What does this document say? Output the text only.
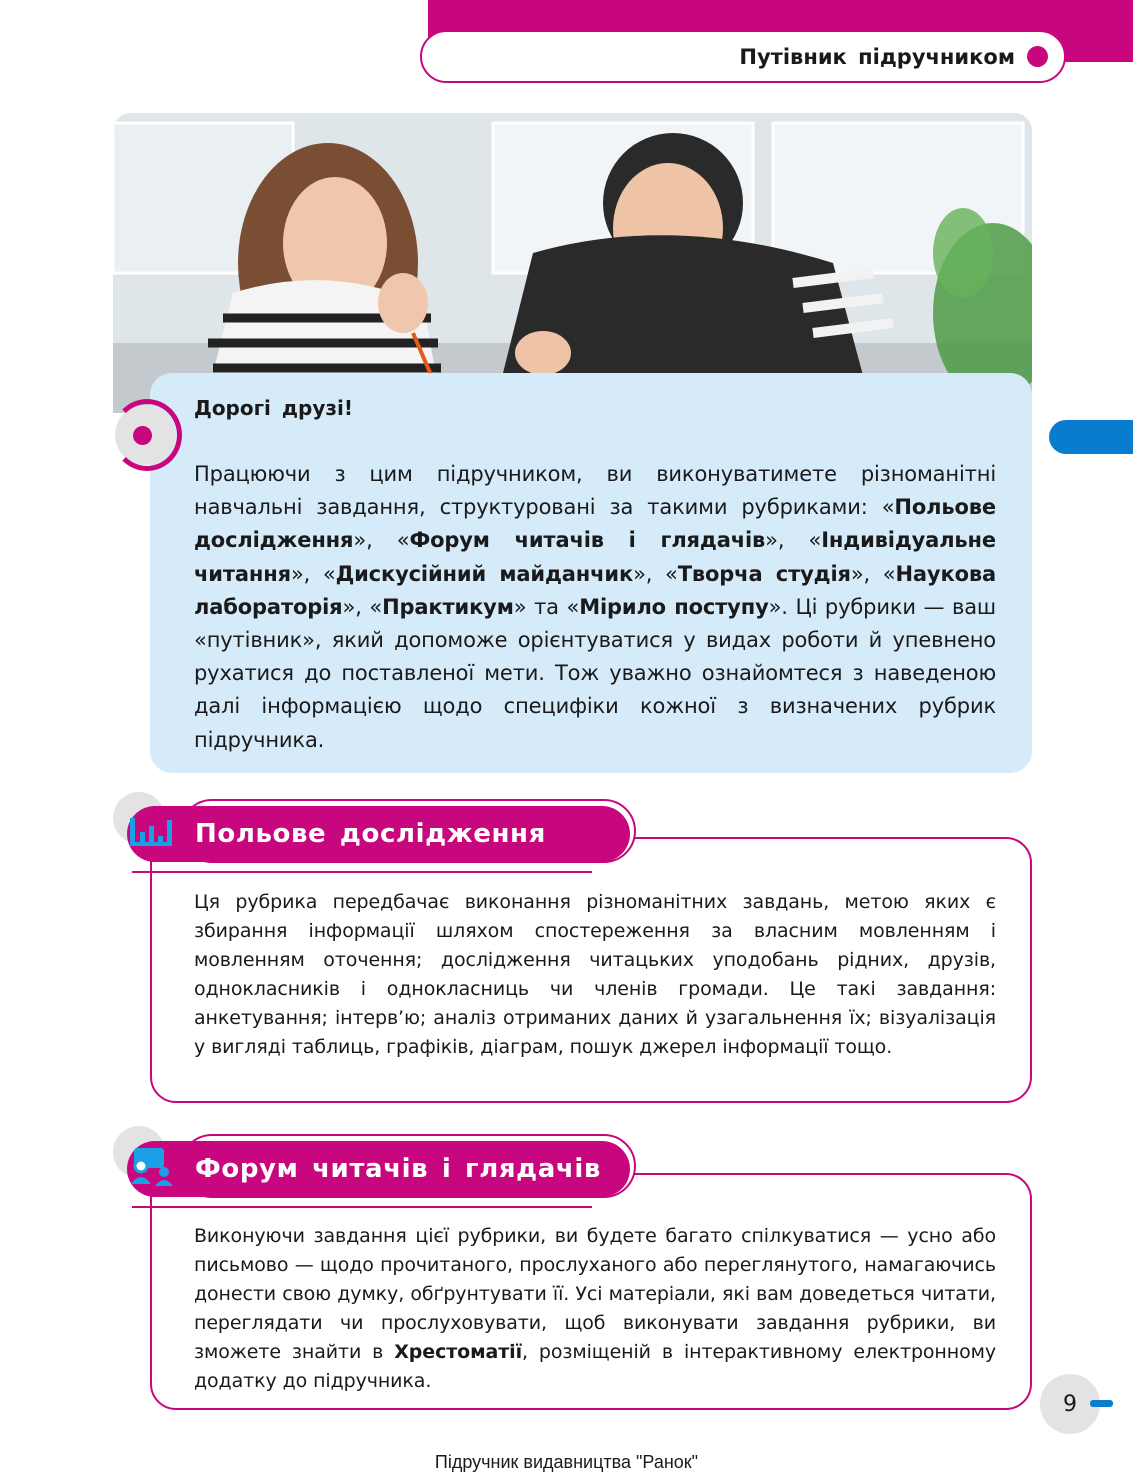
Путівник підручником
Дорогі друзі!
Працюючи з цим підручником, ви виконуватимете різноманітні навчальні завдання, структуровані за такими рубриками: «Польове дослідження», «Форум читачів і глядачів», «Індивідуальне читання», «Дискусійний майданчик», «Творча студія», «Наукова лабораторія», «Практикум» та «Мірило поступу». Ці рубрики — ваш «путівник», який допоможе орієнтуватися у видах роботи й упевнено рухатися до поставленої мети. Тож уважно ознайомтеся з наведеною далі інформацією щодо специфіки кожної з визначених рубрик підручника.
Польове дослідження
Ця рубрика передбачає виконання різноманітних завдань, метою яких є збирання інформації шляхом спостереження за власним мовленням і мовленням оточення; дослідження читацьких уподобань рідних, друзів, однокласників і однокласниць чи членів громади. Це такі завдання: анкетування; інтерв’ю; аналіз отриманих даних й узагальнення їх; візуалізація у вигляді таблиць, графіків, діаграм, пошук джерел інформації тощо.
Форум читачів і глядачів
Виконуючи завдання цієї рубрики, ви будете багато спілкуватися — усно або письмово — щодо прочитаного, прослуханого або переглянутого, намагаючись донести свою думку, обґрунтувати її. Усі матеріали, які вам доведеться читати, переглядати чи прослуховувати, щоб виконувати завдання рубрики, ви зможете знайти в Хрестоматії, розміщеній в інтерактивному електронному додатку до підручника.
9
Підручник видавництва "Ранок"
